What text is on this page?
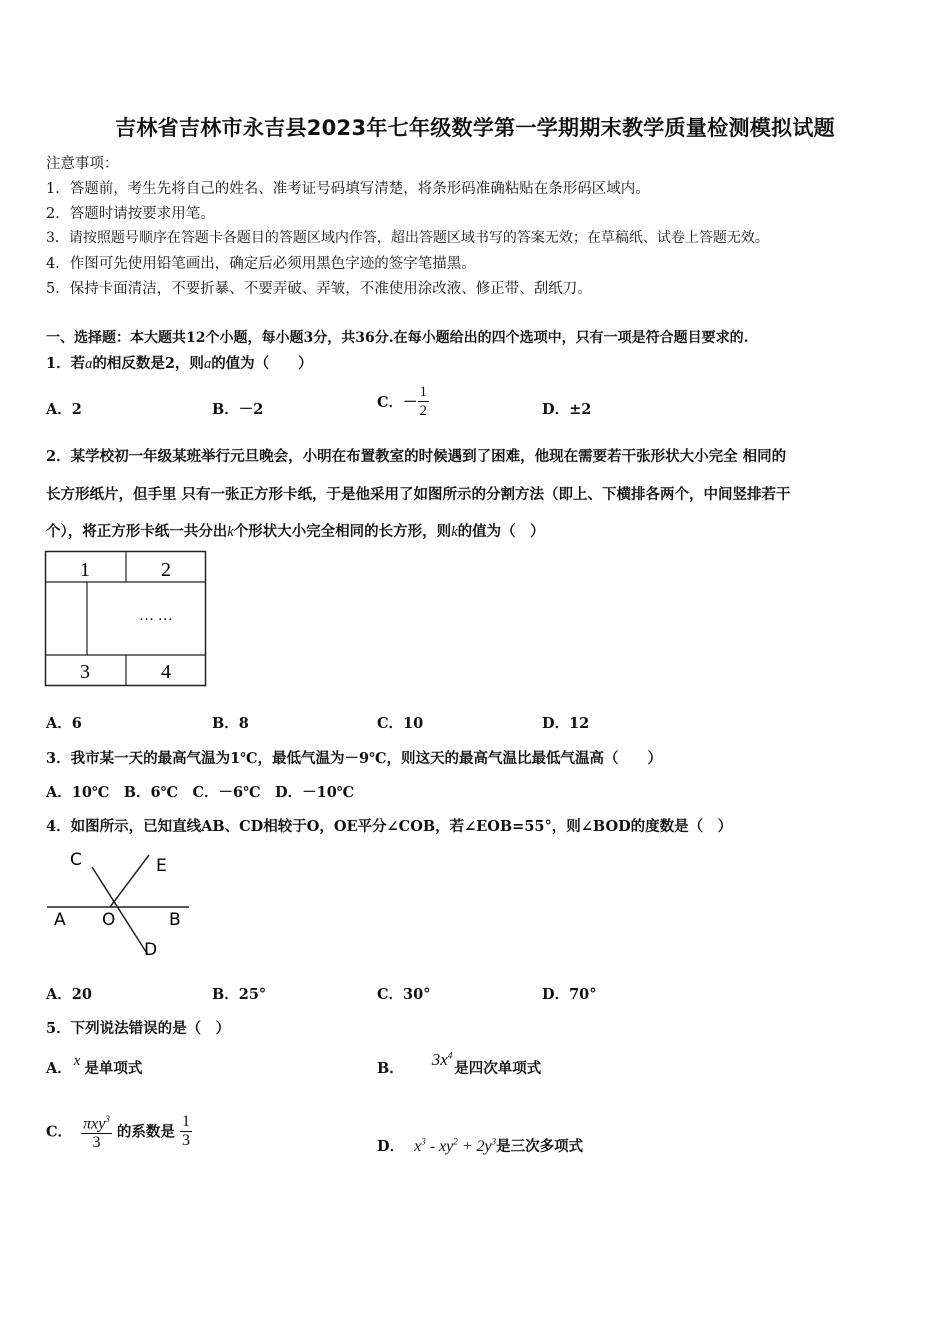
吉林省吉林市永吉县2023年七年级数学第一学期期末教学质量检测模拟试题
注意事项：
1．答题前，考生先将自己的姓名、准考证号码填写清楚，将条形码准确粘贴在条形码区域内。
2．答题时请按要求用笔。
3．请按照题号顺序在答题卡各题目的答题区域内作答，超出答题区域书写的答案无效；在草稿纸、试卷上答题无效。
4．作图可先使用铅笔画出，确定后必须用黑色字迹的签字笔描黑。
5．保持卡面清洁，不要折暴、不要弄破、弄皱，不准使用涂改液、修正带、刮纸刀。
一、选择题：本大题共12个小题，每小题3分，共36分.在每小题给出的四个选项中，只有一项是符合题目要求的.
1．若a的相反数是2，则a的值为（　　）
A．2	B．－2	C．－ $\frac{1}{2}$	D．±2
2．某学校初一年级某班举行元旦晚会，小明在布置教室的时候遇到了困难，他现在需要若干张形状大小完全 相同的
长方形纸片，但手里 只有一张正方形卡纸，于是他采用了如图所示的分割方法（即上、下横排各两个，中间竖排若干
个），将正方形卡纸一共分出k个形状大小完全相同的长方形，则k的值为（　）
1	2
… …
3	4
A．6	B．8	C．10	D．12
3．我市某一天的最高气温为1℃，最低气温为－9℃，则这天的最高气温比最低气温高（　　）
A．10℃　B．6℃　C．－6℃　D．－10℃
4．如图所示，已知直线AB、CD相较于O，OE平分∠COB，若∠EOB=55°，则∠BOD的度数是（　）
C	E
A O	B
D
A．20	B．25°	C．30°	D．70°
5．下列说法错误的是（　）
A． x 是单项式	B． $3x^4$是四次单项式
C． $\frac{\pi xy^3}{3}$ 的系数是 $\frac{1}{3}$	D． $x^3 - xy^2 + 2y^3$是三次多项式
